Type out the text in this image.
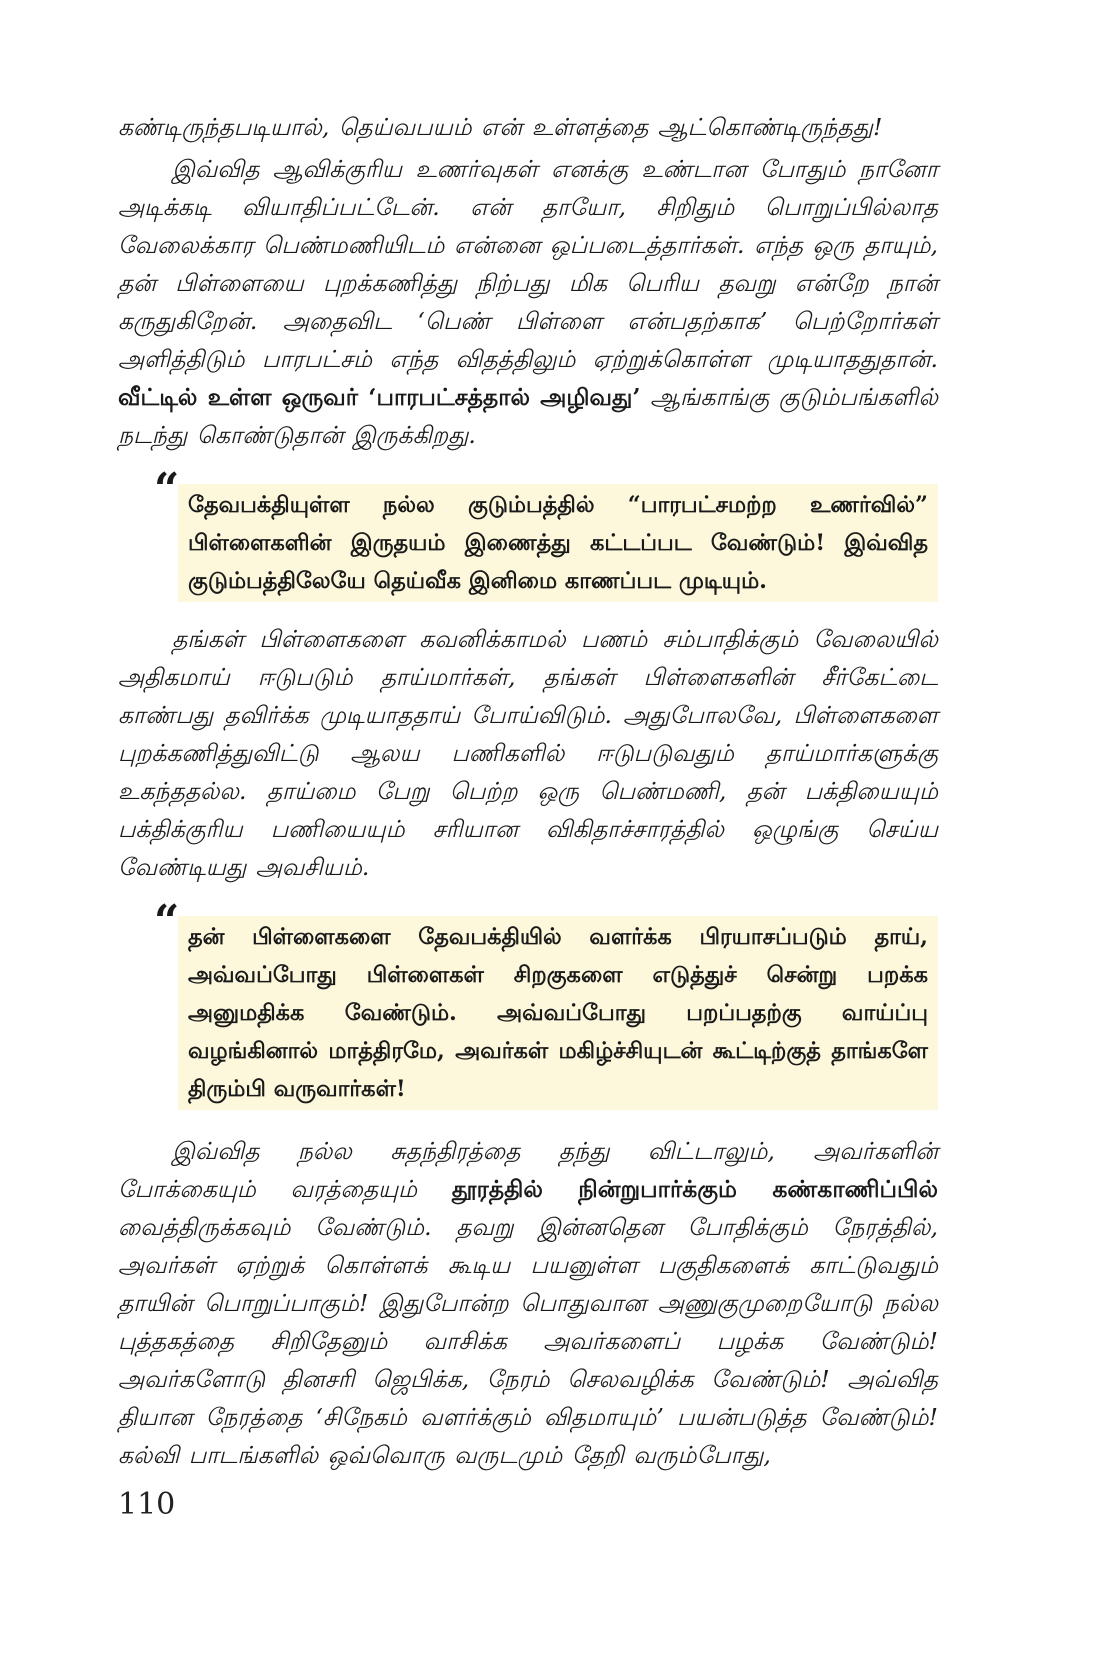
கண்டிருந்தபடியால், தெய்வபயம் என் உள்ளத்தை ஆட்கொண்டிருந்தது!

இவ்வித ஆவிக்குரிய உணர்வுகள் எனக்கு உண்டான போதும் நானோ அடிக்கடி வியாதிப்பட்டேன். என் தாயோ, சிறிதும் பொறுப்பில்லாத வேலைக்கார பெண்மணியிடம் என்னை ஒப்படைத்தார்கள். எந்த ஒரு தாயும், தன் பிள்ளையை புறக்கணித்து நிற்பது மிக பெரிய தவறு என்றே நான் கருதுகிறேன். அதைவிட ‘பெண் பிள்ளை என்பதற்காக’ பெற்றோர்கள் அளித்திடும் பாரபட்சம் எந்த விதத்திலும் ஏற்றுக்கொள்ள முடியாததுதான். வீட்டில் உள்ள ஒருவர் ‘பாரபட்சத்தால் அழிவது’ ஆங்காங்கு குடும்பங்களில் நடந்து கொண்டுதான் இருக்கிறது.

“ தேவபக்தியுள்ள நல்ல குடும்பத்தில் “பாரபட்சமற்ற உணர்வில்” பிள்ளைகளின் இருதயம் இணைத்து கட்டப்பட வேண்டும்! இவ்வித குடும்பத்திலேயே தெய்வீக இனிமை காணப்பட முடியும்.

தங்கள் பிள்ளைகளை கவனிக்காமல் பணம் சம்பாதிக்கும் வேலையில் அதிகமாய் ஈடுபடும் தாய்மார்கள், தங்கள் பிள்ளைகளின் சீர்கேட்டை காண்பது தவிர்க்க முடியாததாய் போய்விடும். அதுபோலவே, பிள்ளைகளை புறக்கணித்துவிட்டு ஆலய பணிகளில் ஈடுபடுவதும் தாய்மார்களுக்கு உகந்ததல்ல. தாய்மை பேறு பெற்ற ஒரு பெண்மணி, தன் பக்தியையும் பக்திக்குரிய பணியையும் சரியான விகிதாச்சாரத்தில் ஒழுங்கு செய்ய வேண்டியது அவசியம்.

“ தன் பிள்ளைகளை தேவபக்தியில் வளர்க்க பிரயாசப்படும் தாய், அவ்வப்போது பிள்ளைகள் சிறகுகளை எடுத்துச் சென்று பறக்க அனுமதிக்க வேண்டும். அவ்வப்போது பறப்பதற்கு வாய்ப்பு வழங்கினால் மாத்திரமே, அவர்கள் மகிழ்ச்சியுடன் கூட்டிற்குத் தாங்களே திரும்பி வருவார்கள்!

இவ்வித நல்ல சுதந்திரத்தை தந்து விட்டாலும், அவர்களின் போக்கையும் வரத்தையும் தூரத்தில் நின்றுபார்க்கும் கண்காணிப்பில் வைத்திருக்கவும் வேண்டும். தவறு இன்னதென போதிக்கும் நேரத்தில், அவர்கள் ஏற்றுக் கொள்ளக் கூடிய பயனுள்ள பகுதிகளைக் காட்டுவதும் தாயின் பொறுப்பாகும்! இதுபோன்ற பொதுவான அணுகுமுறையோடு நல்ல புத்தகத்தை சிறிதேனும் வாசிக்க அவர்களைப் பழக்க வேண்டும்! அவர்களோடு தினசரி ஜெபிக்க, நேரம் செலவழிக்க வேண்டும்! அவ்வித தியான நேரத்தை ‘சிநேகம் வளர்க்கும் விதமாயும்’ பயன்படுத்த வேண்டும்! கல்வி பாடங்களில் ஒவ்வொரு வருடமும் தேறி வரும்போது,

110
